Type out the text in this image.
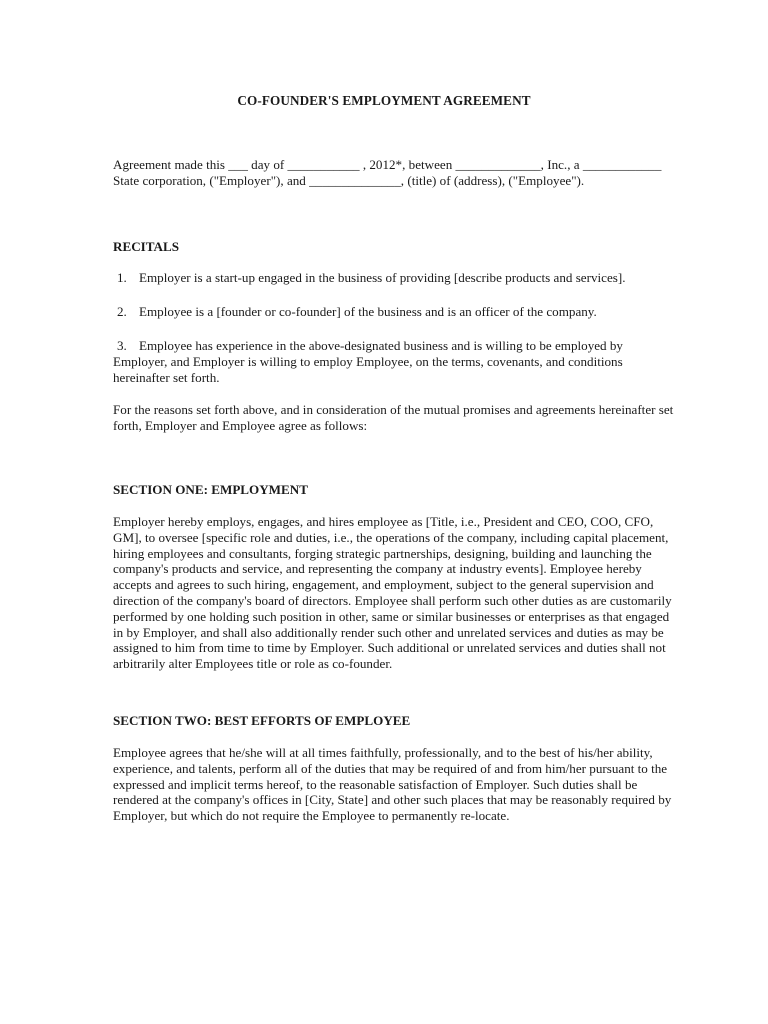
CO-FOUNDER'S EMPLOYMENT AGREEMENT

Agreement made this ___ day of ___________ , 2012*, between _____________, Inc., a ____________
State corporation, ("Employer"), and ______________, (title) of (address), ("Employee").

RECITALS

1. Employer is a start-up engaged in the business of providing [describe products and services].

2. Employee is a [founder or co-founder] of the business and is an officer of the company.

3. Employee has experience in the above-designated business and is willing to be employed by
Employer, and Employer is willing to employ Employee, on the terms, covenants, and conditions
hereinafter set forth.

For the reasons set forth above, and in consideration of the mutual promises and agreements hereinafter set
forth, Employer and Employee agree as follows:

SECTION ONE: EMPLOYMENT

Employer hereby employs, engages, and hires employee as [Title, i.e., President and CEO, COO, CFO,
GM], to oversee [specific role and duties, i.e., the operations of the company, including capital placement,
hiring employees and consultants, forging strategic partnerships, designing, building and launching the
company's products and service, and representing the company at industry events]. Employee hereby
accepts and agrees to such hiring, engagement, and employment, subject to the general supervision and
direction of the company's board of directors. Employee shall perform such other duties as are customarily
performed by one holding such position in other, same or similar businesses or enterprises as that engaged
in by Employer, and shall also additionally render such other and unrelated services and duties as may be
assigned to him from time to time by Employer. Such additional or unrelated services and duties shall not
arbitrarily alter Employees title or role as co-founder.

SECTION TWO: BEST EFFORTS OF EMPLOYEE

Employee agrees that he/she will at all times faithfully, professionally, and to the best of his/her ability,
experience, and talents, perform all of the duties that may be required of and from him/her pursuant to the
expressed and implicit terms hereof, to the reasonable satisfaction of Employer. Such duties shall be
rendered at the company's offices in [City, State] and other such places that may be reasonably required by
Employer, but which do not require the Employee to permanently re-locate.
